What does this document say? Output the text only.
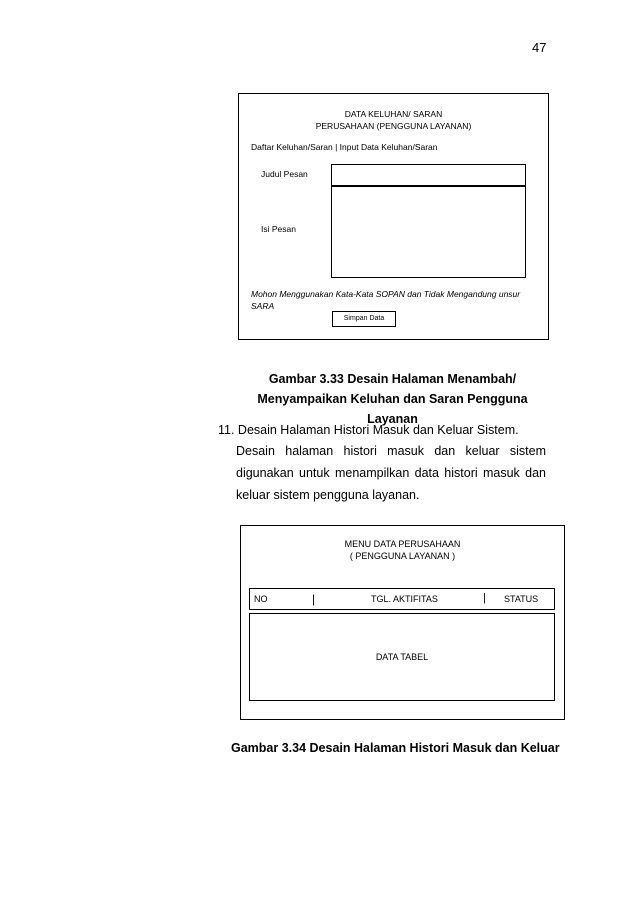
47
DATA KELUHAN/ SARAN
PERUSAHAAN (PENGGUNA LAYANAN)
Daftar Keluhan/Saran | Input Data Keluhan/Saran
Judul Pesan
Isi Pesan
Mohon Menggunakan Kata-Kata SOPAN dan Tidak Mengandung unsur
SARA
Simpan Data
Gambar 3.33 Desain Halaman Menambah/
Menyampaikan Keluhan dan Saran Pengguna Layanan
11. Desain Halaman Histori Masuk dan Keluar Sistem.
Desain halaman histori masuk dan keluar sistem
digunakan untuk menampilkan data histori masuk dan
keluar sistem pengguna layanan.
MENU DATA PERUSAHAAN
( PENGGUNA LAYANAN )
NO	|	TGL. AKTIFITAS	| STATUS
DATA TABEL
Gambar 3.34 Desain Halaman Histori Masuk dan Keluar
